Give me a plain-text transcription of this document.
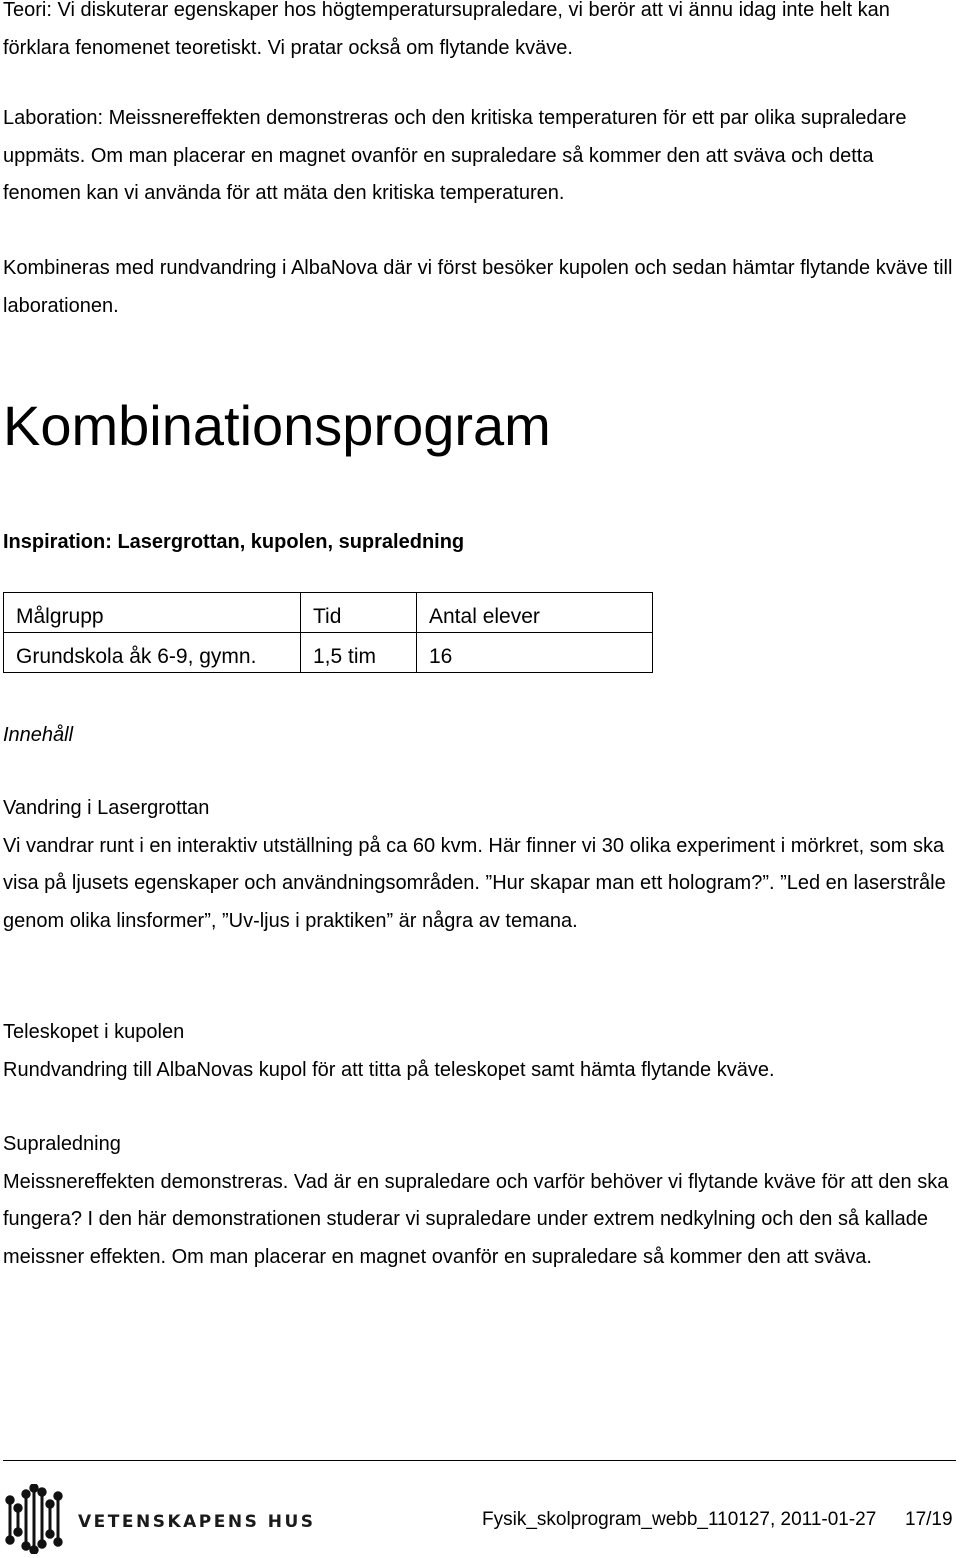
Teori: Vi diskuterar egenskaper hos högtemperatursupraledare, vi berör att vi ännu idag inte helt kan förklara fenomenet teoretiskt. Vi pratar också om flytande kväve.

Laboration: Meissnereffekten demonstreras och den kritiska temperaturen för ett par olika supraledare uppmäts. Om man placerar en magnet ovanför en supraledare så kommer den att sväva och detta fenomen kan vi använda för att mäta den kritiska temperaturen.

Kombineras med rundvandring i AlbaNova där vi först besöker kupolen och sedan hämtar flytande kväve till laborationen.

Kombinationsprogram
Inspiration: Lasergrottan, kupolen, supraledning
Målgrupp	Tid	Antal elever
Grundskola åk 6-9, gymn.	1,5 tim	16
Innehåll

Vandring i Lasergrottan

Vi vandrar runt i en interaktiv utställning på ca 60 kvm. Här finner vi 30 olika experiment i mörkret, som ska visa på ljusets egenskaper och användningsområden. ”Hur skapar man ett hologram?”. ”Led en laserstråle genom olika linsformer”, ”Uv-ljus i praktiken” är några av temana.

Teleskopet i kupolen

Rundvandring till AlbaNovas kupol för att titta på teleskopet samt hämta flytande kväve.

Supraledning

Meissnereffekten demonstreras. Vad är en supraledare och varför behöver vi flytande kväve för att den ska fungera? I den här demonstrationen studerar vi supraledare under extrem nedkylning och den så kallade meissner effekten. Om man placerar en magnet ovanför en supraledare så kommer den att sväva.

VETENSKAPENS HUS	Fysik_skolprogram_webb_110127, 2011-01-27 17/19
